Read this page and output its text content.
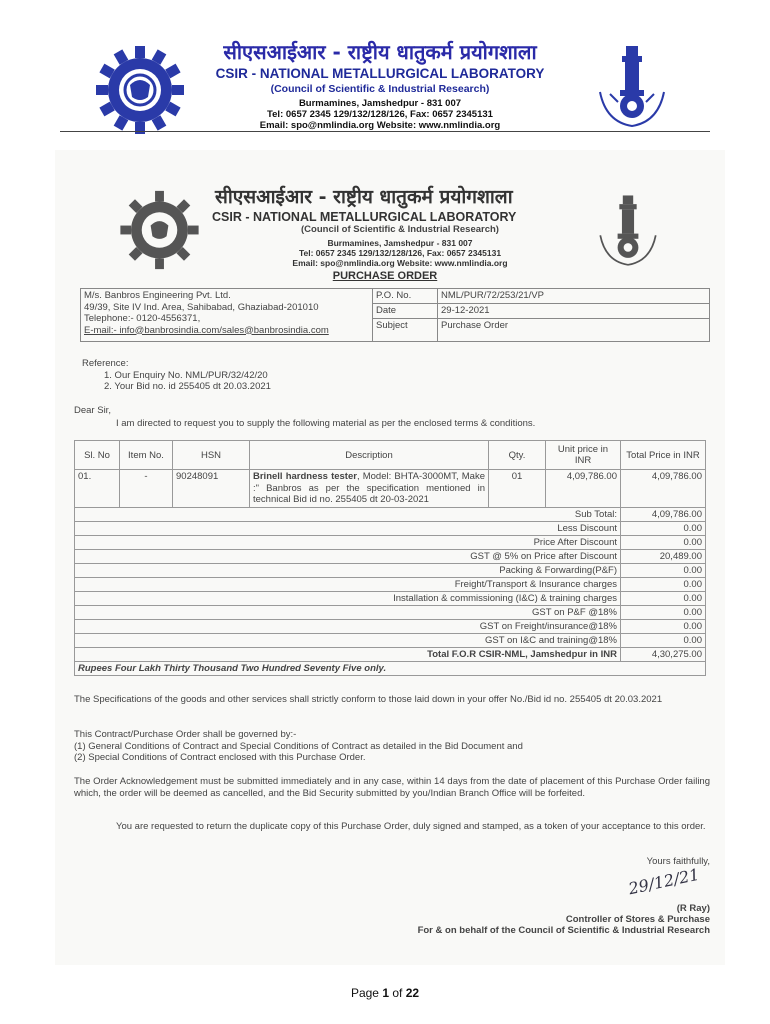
सीएसआईआर - राष्ट्रीय धातुकर्म प्रयोगशाला
CSIR - NATIONAL METALLURGICAL LABORATORY
(Council of Scientific & Industrial Research)
Burmamines, Jamshedpur - 831 007
Tel: 0657 2345 129/132/128/126, Fax: 0657 2345131
Email: spo@nmlindia.org Website: www.nmlindia.org
सीएसआईआर - राष्ट्रीय धातुकर्म प्रयोगशाला
CSIR - NATIONAL METALLURGICAL LABORATORY
(Council of Scientific & Industrial Research)
Burmamines, Jamshedpur - 831 007
Tel: 0657 2345 129/132/128/126, Fax: 0657 2345131
Email: spo@nmlindia.org Website: www.nmlindia.org
PURCHASE ORDER
M/s. Banbros Engineering Pvt. Ltd.
49/39, Site IV Ind. Area, Sahibabad, Ghaziabad-201010
Telephone:- 0120-4556371,
E-mail:- info@banbrosindia.com/sales@banbrosindia.com	P.O. No.	NML/PUR/72/253/21/VP
	Date	29-12-2021
	Subject	Purchase Order
Reference:
1. Our Enquiry No. NML/PUR/32/42/20
2. Your Bid no. id 255405 dt 20.03.2021
Dear Sir,
I am directed to request you to supply the following material as per the enclosed terms & conditions.
Sl. No	Item No.	HSN	Description	Qty.	Unit price in INR	Total Price in INR
01.	-	90248091	Brinell hardness tester, Model: BHTA-3000MT, Make :" Banbros as per the specification mentioned in technical Bid id no. 255405 dt 20-03-2021	01	4,09,786.00	4,09,786.00
Sub Total:						4,09,786.00
Less Discount						0.00
Price After Discount						0.00
GST @ 5% on Price after Discount						20,489.00
Packing & Forwarding(P&F)						0.00
Freight/Transport & Insurance charges						0.00
Installation & commissioning (I&C) & training charges						0.00
GST on P&F @18%						0.00
GST on Freight/insurance@18%						0.00
GST on I&C and training@18%						0.00
Total F.O.R CSIR-NML, Jamshedpur in INR						4,30,275.00
Rupees Four Lakh Thirty Thousand Two Hundred Seventy Five only.						
The Specifications of the goods and other services shall strictly conform to those laid down in your offer No./Bid id no. 255405 dt 20.03.2021
This Contract/Purchase Order shall be governed by:-
(1) General Conditions of Contract and Special Conditions of Contract as detailed in the Bid Document and
(2) Special Conditions of Contract enclosed with this Purchase Order.
The Order Acknowledgement must be submitted immediately and in any case, within 14 days from the date of placement of this Purchase Order failing which, the order will be deemed as cancelled, and the Bid Security submitted by you/Indian Branch Office will be forfeited.
You are requested to return the duplicate copy of this Purchase Order, duly signed and stamped, as a token of your acceptance to this order.
Yours faithfully,
29/12/21
(R Ray)
Controller of Stores & Purchase
For & on behalf of the Council of Scientific & Industrial Research
Page 1 of 22
